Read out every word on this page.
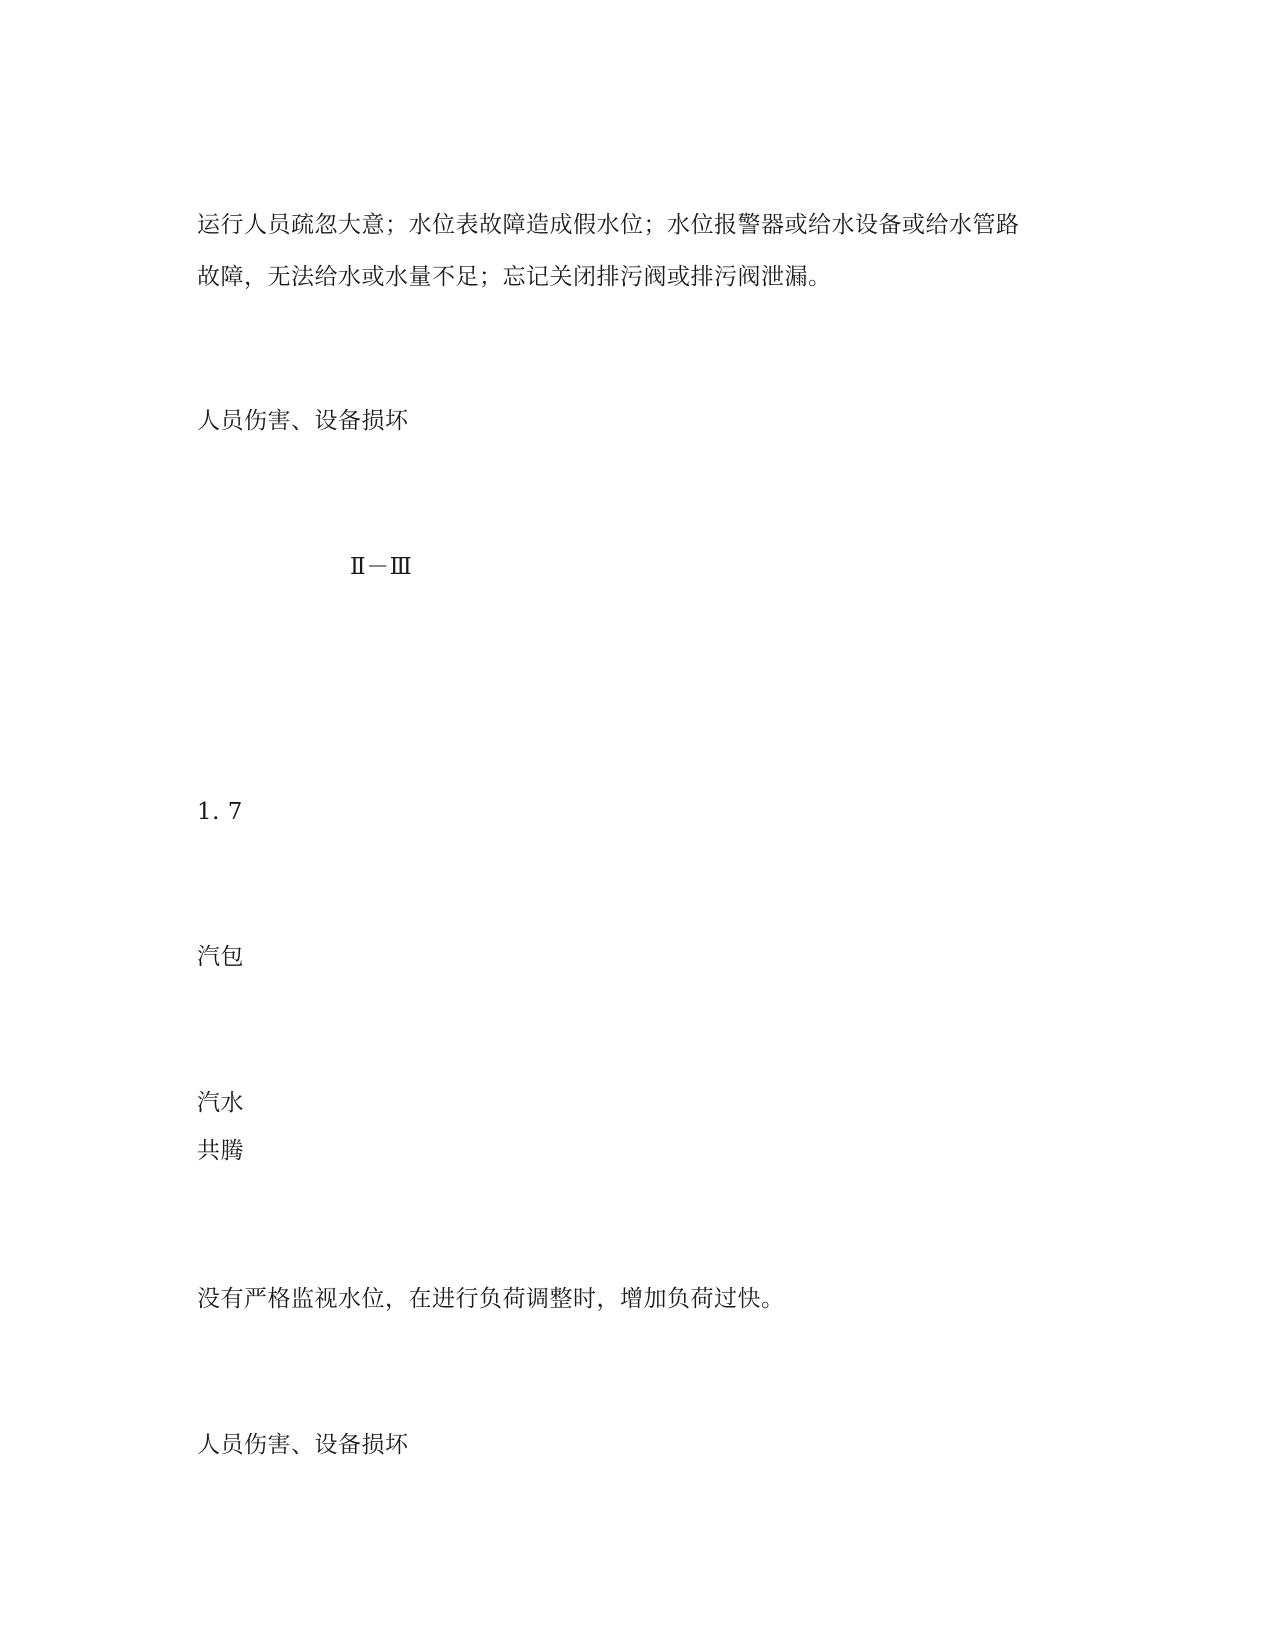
运行人员疏忽大意；水位表故障造成假水位；水位报警器或给水设备或给水管路
故障，无法给水或水量不足；忘记关闭排污阀或排污阀泄漏。
人员伤害、设备损坏
Ⅱ－Ⅲ
1. 7
汽包
汽水
共腾
没有严格监视水位，在进行负荷调整时，增加负荷过快。
人员伤害、设备损坏
